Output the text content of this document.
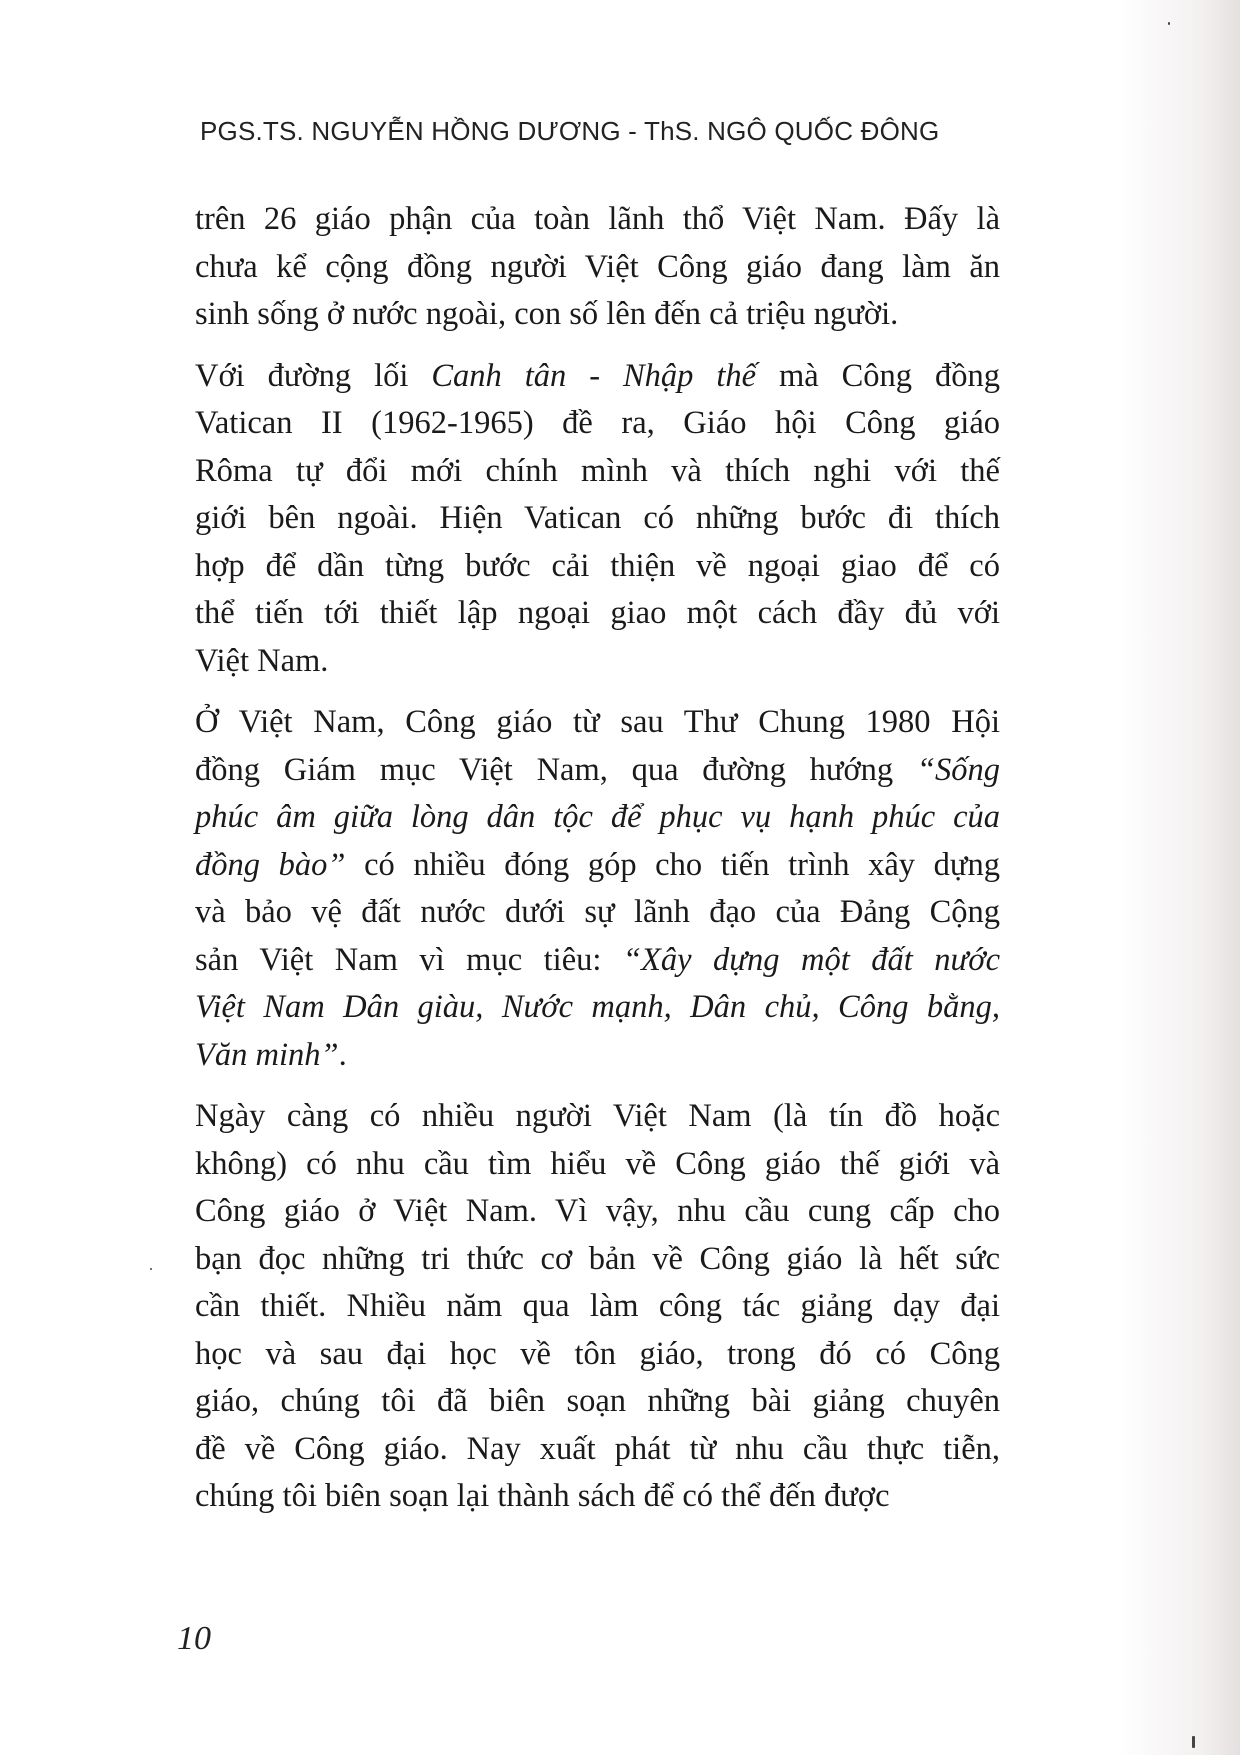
PGS.TS. NGUYỄN HỒNG DƯƠNG - ThS. NGÔ QUỐC ĐÔNG

trên 26 giáo phận của toàn lãnh thổ Việt Nam. Đấy là
chưa kể cộng đồng người Việt Công giáo đang làm ăn
sinh sống ở nước ngoài, con số lên đến cả triệu người.

Với đường lối Canh tân - Nhập thế mà Công đồng
Vatican II (1962-1965) đề ra, Giáo hội Công giáo
Rôma tự đổi mới chính mình và thích nghi với thế
giới bên ngoài. Hiện Vatican có những bước đi thích
hợp để dần từng bước cải thiện về ngoại giao để có
thể tiến tới thiết lập ngoại giao một cách đầy đủ với
Việt Nam.

Ở Việt Nam, Công giáo từ sau Thư Chung 1980 Hội
đồng Giám mục Việt Nam, qua đường hướng “Sống
phúc âm giữa lòng dân tộc để phục vụ hạnh phúc của
đồng bào” có nhiều đóng góp cho tiến trình xây dựng
và bảo vệ đất nước dưới sự lãnh đạo của Đảng Cộng
sản Việt Nam vì mục tiêu: “Xây dựng một đất nước
Việt Nam Dân giàu, Nước mạnh, Dân chủ, Công bằng,
Văn minh”.

Ngày càng có nhiều người Việt Nam (là tín đồ hoặc
không) có nhu cầu tìm hiểu về Công giáo thế giới và
Công giáo ở Việt Nam. Vì vậy, nhu cầu cung cấp cho
bạn đọc những tri thức cơ bản về Công giáo là hết sức
cần thiết. Nhiều năm qua làm công tác giảng dạy đại
học và sau đại học về tôn giáo, trong đó có Công
giáo, chúng tôi đã biên soạn những bài giảng chuyên
đề về Công giáo. Nay xuất phát từ nhu cầu thực tiễn,
chúng tôi biên soạn lại thành sách để có thể đến được

10
